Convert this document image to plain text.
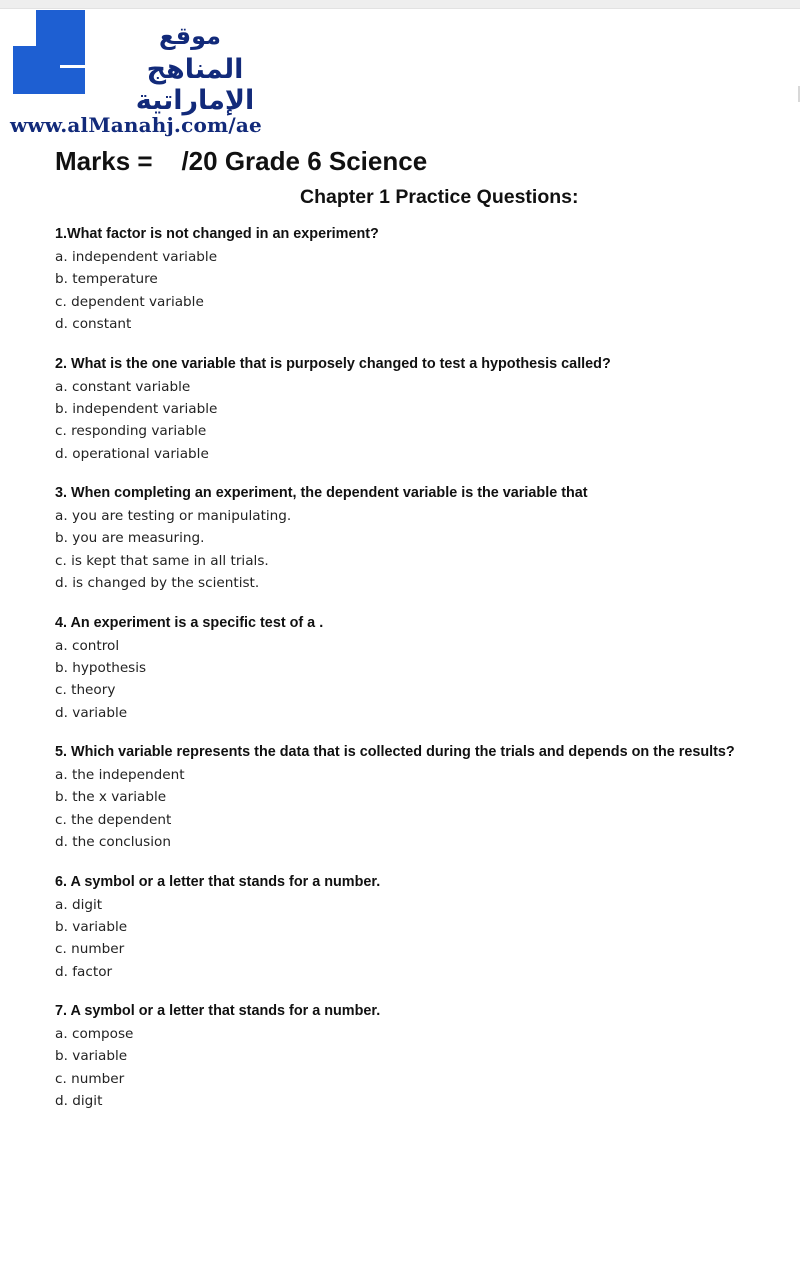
موقع
المناهج الإماراتية
www.alManahj.com/ae
Marks =    /20 Grade 6 Science
Chapter 1 Practice Questions:

1.What factor is not changed in an experiment?

a. independent variable

b. temperature

c. dependent variable

d. constant

2. What is the one variable that is purposely changed to test a hypothesis called?

a. constant variable

b. independent variable

c. responding variable

d. operational variable

3. When completing an experiment, the dependent variable is the variable that

a. you are testing or manipulating.

b. you are measuring.

c. is kept that same in all trials.

d. is changed by the scientist.

4. An experiment is a specific test of a .

a. control

b. hypothesis

c. theory

d. variable

5. Which variable represents the data that is collected during the trials and depends on the results?

a. the independent

b. the x variable

c. the dependent

d. the conclusion

6. A symbol or a letter that stands for a number.

a. digit

b. variable

c. number

d. factor

7. A symbol or a letter that stands for a number.

a. compose

b. variable

c. number

d. digit
